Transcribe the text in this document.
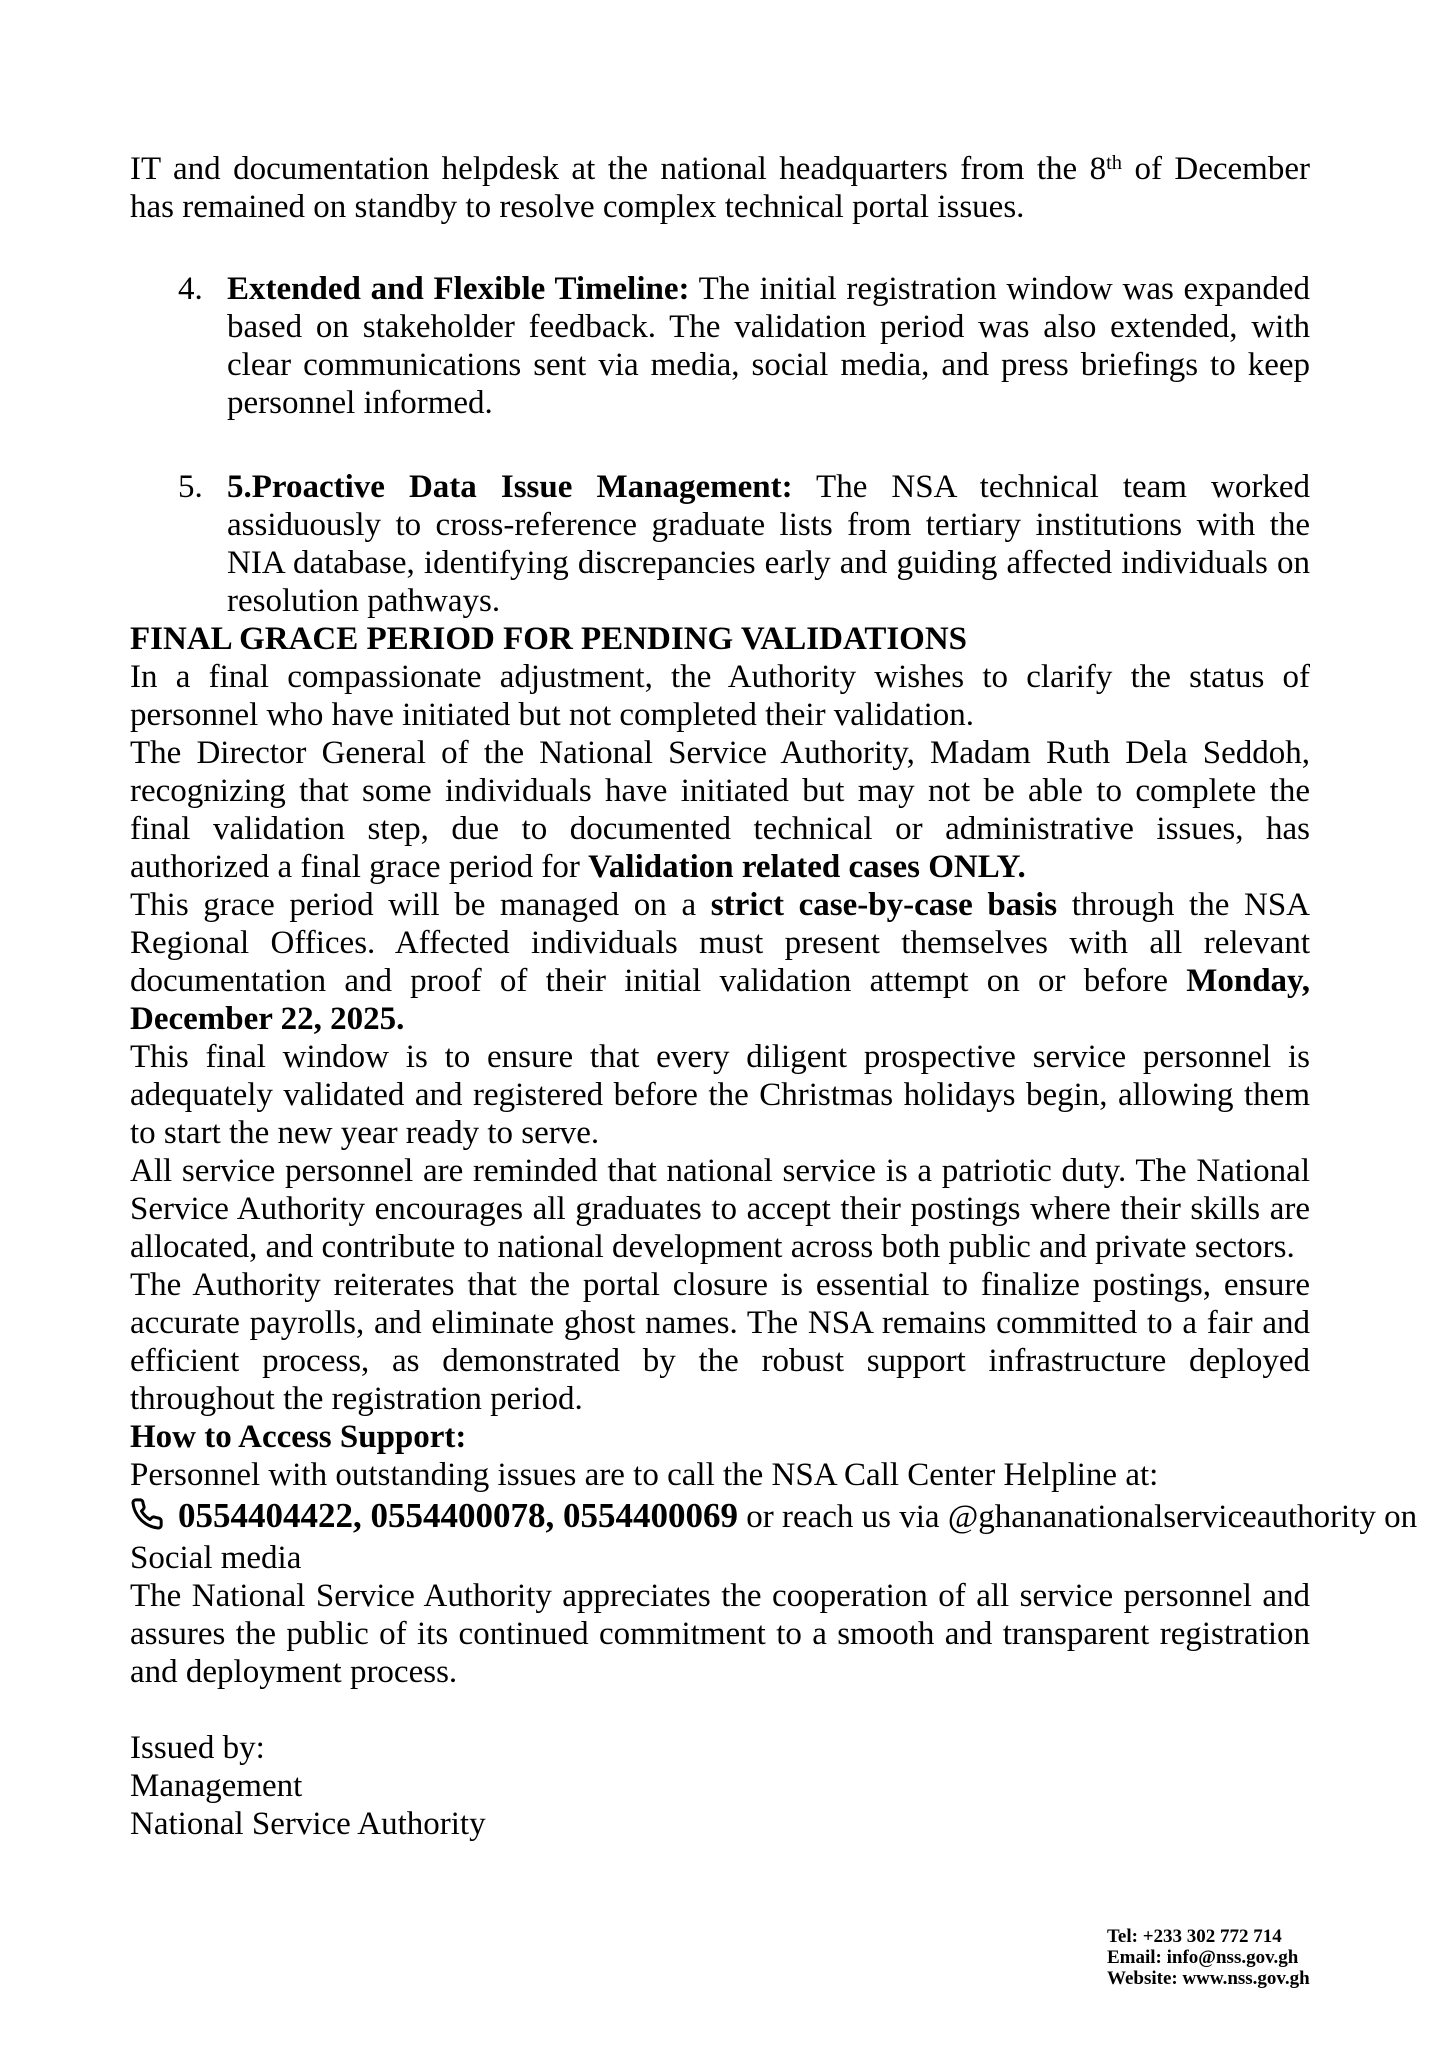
IT and documentation helpdesk at the national headquarters from the 8th of December has remained on standby to resolve complex technical portal issues.

4. Extended and Flexible Timeline: The initial registration window was expanded based on stakeholder feedback. The validation period was also extended, with clear communications sent via media, social media, and press briefings to keep personnel informed.
5. 5.Proactive Data Issue Management: The NSA technical team worked assiduously to cross-reference graduate lists from tertiary institutions with the NIA database, identifying discrepancies early and guiding affected individuals on resolution pathways.

FINAL GRACE PERIOD FOR PENDING VALIDATIONS

In a final compassionate adjustment, the Authority wishes to clarify the status of personnel who have initiated but not completed their validation.

The Director General of the National Service Authority, Madam Ruth Dela Seddoh, recognizing that some individuals have initiated but may not be able to complete the final validation step, due to documented technical or administrative issues, has authorized a final grace period for Validation related cases ONLY.

This grace period will be managed on a strict case-by-case basis through the NSA Regional Offices. Affected individuals must present themselves with all relevant documentation and proof of their initial validation attempt on or before Monday, December 22, 2025.

This final window is to ensure that every diligent prospective service personnel is adequately validated and registered before the Christmas holidays begin, allowing them to start the new year ready to serve.

All service personnel are reminded that national service is a patriotic duty. The National Service Authority encourages all graduates to accept their postings where their skills are allocated, and contribute to national development across both public and private sectors.

The Authority reiterates that the portal closure is essential to finalize postings, ensure accurate payrolls, and eliminate ghost names. The NSA remains committed to a fair and efficient process, as demonstrated by the robust support infrastructure deployed throughout the registration period.

How to Access Support:

Personnel with outstanding issues are to call the NSA Call Center Helpline at:

0554404422, 0554400078, 0554400069 or reach us via @ghananationalserviceauthority on

Social media

The National Service Authority appreciates the cooperation of all service personnel and assures the public of its continued commitment to a smooth and transparent registration and deployment process.

Issued by:

Management

National Service Authority

Tel: +233 302 772 714
Email: info@nss.gov.gh
Website: www.nss.gov.gh
